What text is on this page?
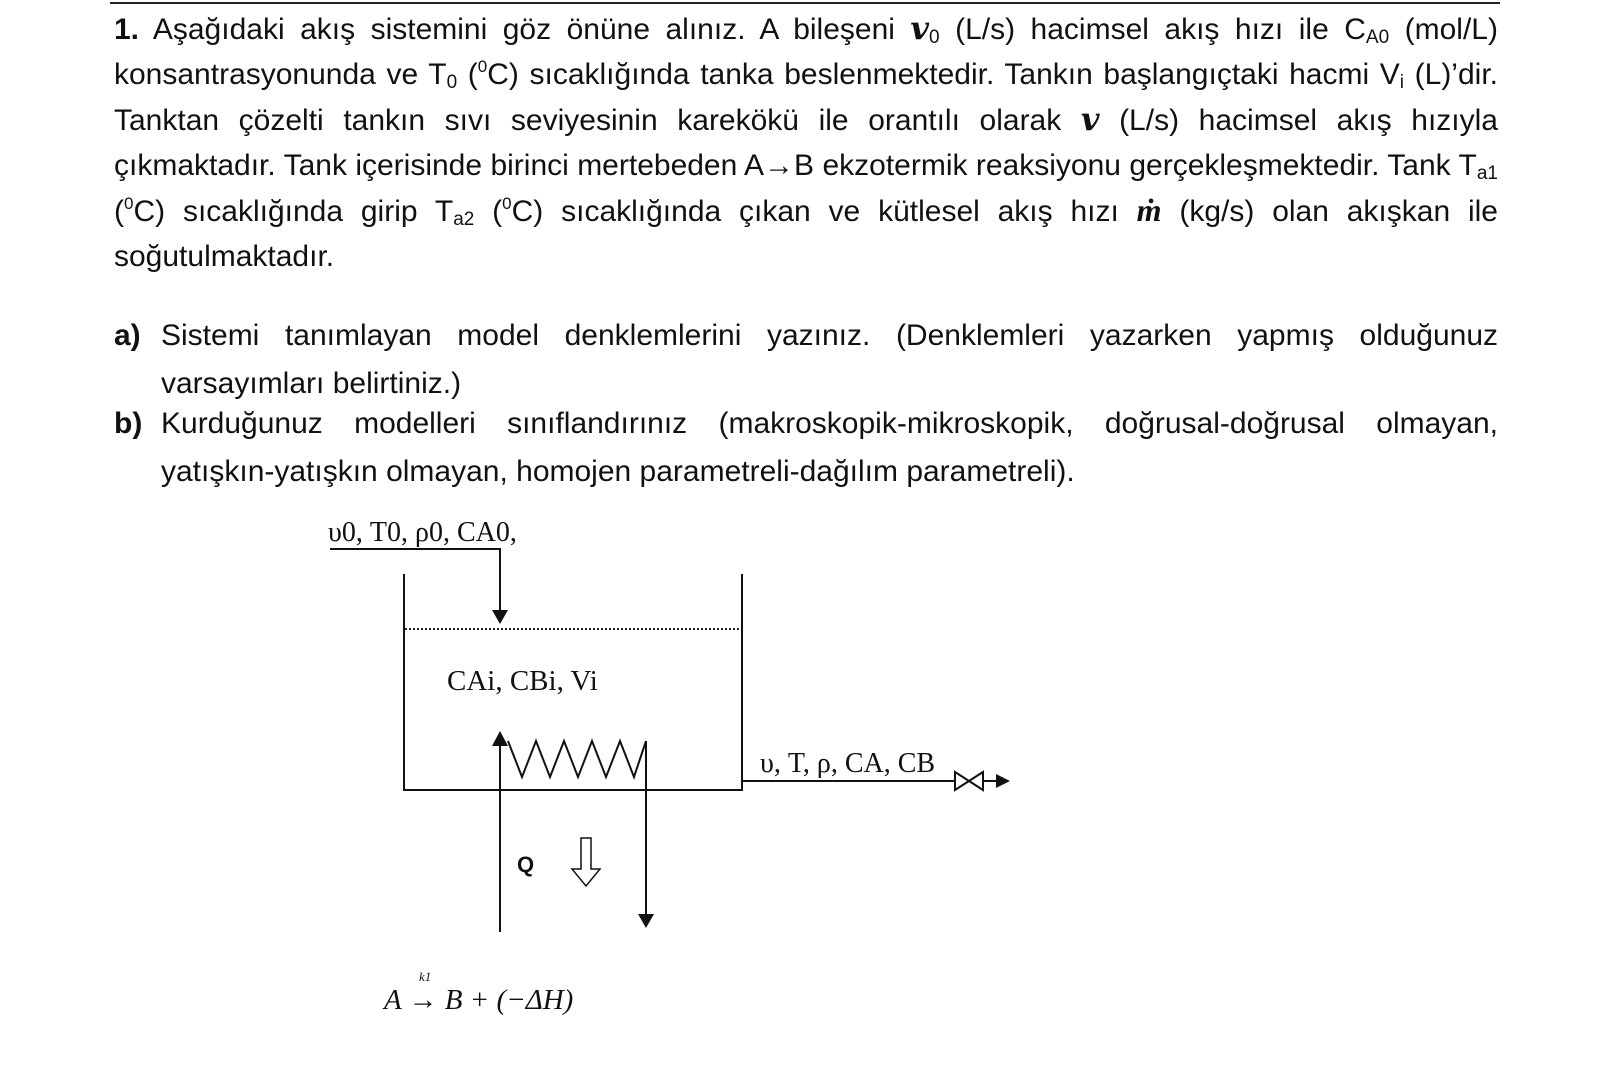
1. Aşağıdaki akış sistemini göz önüne alınız. A bileşeni 𝒗$_0$ (L/s) hacimsel akış hızı ile $C_{A0}$ (mol/L) konsantrasyonunda ve $T_0$ ($^0$C) sıcaklığında tanka beslenmektedir. Tankın başlangıçtaki hacmi $V_i$ (L)’dir. Tanktan çözelti tankın sıvı seviyesinin karekökü ile orantılı olarak 𝒗 (L/s) hacimsel akış hızıyla çıkmaktadır. Tank içerisinde birinci mertebeden A→B ekzotermik reaksiyonu gerçekleşmektedir. Tank $T_{a1}$ ($^0$C) sıcaklığında girip $T_{a2}$ ($^0$C) sıcaklığında çıkan ve kütlesel akış hızı ṁ (kg/s) olan akışkan ile soğutulmaktadır.

a) Sistemi tanımlayan model denklemlerini yazınız. (Denklemleri yazarken yapmış olduğunuz varsayımları belirtiniz.)
b) Kurduğunuz modelleri sınıflandırınız (makroskopik-mikroskopik, doğrusal-doğrusal olmayan, yatışkın-yatışkın olmayan, homojen parametreli-dağılım parametreli).
υ0, T0, ρ0, CA0,
CAi, CBi, Vi
Q
υ, T, ρ, CA, CB
k1
A → B + (−ΔH)
